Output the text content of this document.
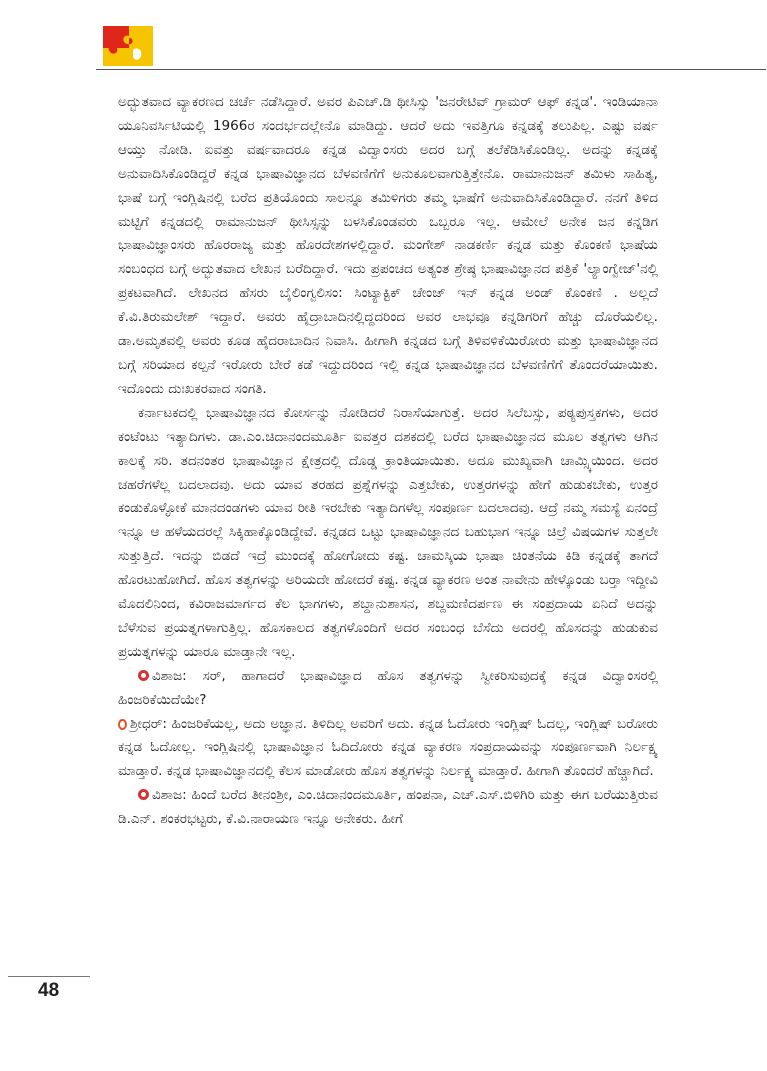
ಅದ್ಭುತವಾದ ವ್ಯಾಕರಣದ ಚರ್ಚೆ ನಡೆಸಿದ್ದಾರೆ. ಅವರ ಪಿಎಚ್.ಡಿ ಥೀಸಿಸ್ಸು 'ಜನರೇಟಿವ್ ಗ್ರಾಮರ್ ಆಫ್ ಕನ್ನಡ'. ಇಂಡಿಯಾನಾ ಯೂನಿವರ್ಸಿಟಿಯಲ್ಲಿ 1966ರ ಸಂದರ್ಭದಲ್ಲೇನೊ ಮಾಡಿದ್ದು. ಆದರೆ ಅದು ಇವತ್ತಿಗೂ ಕನ್ನಡಕ್ಕೆ ತಲುಪಿಲ್ಲ. ಎಷ್ಟು ವರ್ಷ ಆಯ್ತು ನೋಡಿ. ಐವತ್ತು ವರ್ಷವಾದರೂ ಕನ್ನಡ ವಿದ್ವಾಂಸರು ಅದರ ಬಗ್ಗೆ ತಲೆಕೆಡಿಸಿಕೊಂಡಿಲ್ಲ. ಅದನ್ನು ಕನ್ನಡಕ್ಕೆ ಅನುವಾದಿಸಿಕೊಂಡಿದ್ದರೆ ಕನ್ನಡ ಭಾಷಾವಿಜ್ಞಾನದ ಬೆಳವಣಿಗೆಗೆ ಅನುಕೂಲವಾಗುತ್ತಿತ್ತೇನೊ. ರಾಮಾನುಜನ್ ತಮಿಳು ಸಾಹಿತ್ಯ, ಭಾಷೆ ಬಗ್ಗೆ ಇಂಗ್ಲಿಷಿನಲ್ಲಿ ಬರೆದ ಪ್ರತಿಯೊಂದು ಸಾಲನ್ನೂ ತಮಿಳಿಗರು ತಮ್ಮ ಭಾಷೆಗೆ ಅನುವಾದಿಸಿಕೊಂಡಿದ್ದಾರೆ. ನನಗೆ ತಿಳಿದ ಮಟ್ಟಿಗೆ ಕನ್ನಡದಲ್ಲಿ ರಾಮಾನುಜನ್ ಥೀಸಿಸ್ಸನ್ನು ಬಳಸಿಕೊಂಡವರು ಒಬ್ಬರೂ ಇಲ್ಲ. ಆಮೇಲೆ ಅನೇಕ ಜನ ಕನ್ನಡಿಗ ಭಾಷಾವಿಜ್ಞಾಂಸರು ಹೊರರಾಜ್ಯ ಮತ್ತು ಹೊರದೇಶಗಳಲ್ಲಿದ್ದಾರೆ. ಮಂಗೇಶ್ ನಾಡಕರ್ಣಿ ಕನ್ನಡ ಮತ್ತು ಕೊಂಕಣಿ ಭಾಷೆಯ ಸಂಬಂಧದ ಬಗ್ಗೆ ಅದ್ಭುತವಾದ ಲೇಖನ ಬರೆದಿದ್ದಾರೆ. ಇದು ಪ್ರಪಂಚದ ಅತ್ಯಂತ ಶ್ರೇಷ್ಠ ಭಾಷಾವಿಜ್ಞಾನದ ಪತ್ರಿಕೆ 'ಲ್ಯಾಂಗ್ವೇಜ್'ನಲ್ಲಿ ಪ್ರಕಟವಾಗಿದೆ. ಲೇಖನದ ಹೆಸರು ಬೈಲಿಂಗ್ವಲಿಸಂ: ಸಿಂಟ್ಯಾಕ್ಟಿಕ್ ಚೇಂಜ್ ಇನ್ ಕನ್ನಡ ಅಂಡ್ ಕೊಂಕಣಿ . ಅಲ್ಲದೆ ಕೆ.ವಿ.ತಿರುಮಲೇಶ್ ಇದ್ದಾರೆ. ಅವರು ಹೈದ್ರಾಬಾದಿನಲ್ಲಿದ್ದದರಿಂದ ಅವರ ಲಾಭವೂ ಕನ್ನಡಿಗರಿಗೆ ಹೆಚ್ಚು ದೊರೆಯಲಿಲ್ಲ. ಡಾ.ಅಮೃತವಲ್ಲಿ ಅವರು ಕೂಡ ಹೈದರಾಬಾದಿನ ನಿವಾಸಿ. ಹೀಗಾಗಿ ಕನ್ನಡದ ಬಗ್ಗೆ ತಿಳಿವಳಿಕೆಯಿರೋರು ಮತ್ತು ಭಾಷಾವಿಜ್ಞಾನದ ಬಗ್ಗೆ ಸರಿಯಾದ ಕಲ್ಪನೆ ಇರೋರು ಬೇರೆ ಕಡೆ ಇದ್ದುದರಿಂದ ಇಲ್ಲಿ ಕನ್ನಡ ಭಾಷಾವಿಜ್ಞಾನದ ಬೆಳವಣಿಗೆಗೆ ತೊಂದರೆಯಾಯಿತು. ಇದೊಂದು ದುಃಖಕರವಾದ ಸಂಗತಿ.

ಕರ್ನಾಟಕದಲ್ಲಿ ಭಾಷಾವಿಜ್ಞಾನದ ಕೋರ್ಸನ್ನು ನೋಡಿದರೆ ನಿರಾಸೆಯಾಗುತ್ತೆ. ಅದರ ಸಿಲೆಬಸ್ಸು, ಪಠ್ಯಪುಸ್ತಕಗಳು, ಅದರ ಕಂಟೆಂಟು ಇತ್ಯಾದಿಗಳು. ಡಾ.ಎಂ.ಚಿದಾನಂದಮೂರ್ತಿ ಐವತ್ತರ ದಶಕದಲ್ಲಿ ಬರೆದ ಭಾಷಾವಿಜ್ಞಾನದ ಮೂಲ ತತ್ವಗಳು ಆಗಿನ ಕಾಲಕ್ಕೆ ಸರಿ. ತದನಂತರ ಭಾಷಾವಿಜ್ಞಾನ ಕ್ಷೇತ್ರದಲ್ಲಿ ದೊಡ್ಡ ಕ್ರಾಂತಿಯಾಯಿತು. ಅದೂ ಮುಖ್ಯವಾಗಿ ಚಾಮ್ಸ್ಕಿಯಿಂದ. ಅದರ ಚಹರೆಗಳೆಲ್ಲ ಬದಲಾದವು. ಅದು ಯಾವ ತರಹದ ಪ್ರಶ್ನೆಗಳನ್ನು ಎತ್ತಬೇಕು, ಉತ್ತರಗಳನ್ನು ಹೇಗೆ ಹುಡುಕಬೇಕು, ಉತ್ತರ ಕಂಡುಕೊಳ್ಳೋಕೆ ಮಾನದಂಡಗಳು ಯಾವ ರೀತಿ ಇರಬೇಕು ಇತ್ಯಾದಿಗಳೆಲ್ಲ ಸಂಪೂರ್ಣ ಬದಲಾದವು. ಆದ್ರೆ ನಮ್ಮ ಸಮಸ್ಯೆ ಏನಂದ್ರೆ ಇನ್ನೂ ಆ ಹಳೆಯದರಲ್ಲೆ ಸಿಕ್ಕಿಹಾಕ್ಕೊಂಡಿದ್ದೇವೆ. ಕನ್ನಡದ ಒಟ್ಟು ಭಾಷಾವಿಜ್ಞಾನದ ಬಹುಭಾಗ ಇನ್ನೂ ಚಿಲ್ರೆ ವಿಷಯಗಳ ಸುತ್ತಲೇ ಸುತ್ತುತ್ತಿದೆ. ಇದನ್ನು ಬಿಡದೆ ಇದ್ರೆ ಮುಂದಕ್ಕೆ ಹೋಗೋದು ಕಷ್ಟ. ಚಾಮಸ್ಕಿಯ ಭಾಷಾ ಚಿಂತನೆಯ ಕಿಡಿ ಕನ್ನಡಕ್ಕೆ ತಾಗದೆ ಹೊರಟುಹೋಗಿದೆ. ಹೊಸ ತತ್ವಗಳನ್ನು ಅರಿಯದೇ ಹೋದರೆ ಕಷ್ಟ. ಕನ್ನಡ ವ್ಯಾಕರಣ ಅಂತ ನಾವೇನು ಹೇಳ್ಕೊಂಡು ಬರ್‍ತಾ ಇದ್ದೀವಿ ಮೊದಲಿನಿಂದ, ಕವಿರಾಜಮಾರ್ಗದ ಕೆಲ ಭಾಗಗಳು, ಶಬ್ದಾನುಶಾಸನ, ಶಬ್ದಮಣಿದರ್ಪಣ ಈ ಸಂಪ್ರದಾಯ ಏನಿದೆ ಅದನ್ನು ಬೆಳೆಸುವ ಪ್ರಯತ್ನಗಳಾಗುತ್ತಿಲ್ಲ. ಹೊಸಕಾಲದ ತತ್ವಗಳೊಂದಿಗೆ ಅದರ ಸಂಬಂಧ ಬೆಸೆದು ಅದರಲ್ಲಿ ಹೊಸದನ್ನು ಹುಡುಕುವ ಪ್ರಯತ್ನಗಳನ್ನು ಯಾರೂ ಮಾಡ್ತಾನೇ ಇಲ್ಲ.

ವಿಶಾಜ: ಸರ್, ಹಾಗಾದರೆ ಭಾಷಾವಿಜ್ಞಾದ ಹೊಸ ತತ್ವಗಳನ್ನು ಸ್ವೀಕರಿಸುವುದಕ್ಕೆ ಕನ್ನಡ ವಿದ್ವಾಂಸರಲ್ಲಿ ಹಿಂಜರಿಕೆಯಿದೆಯೇ?

ಶ್ರೀಧರ್: ಹಿಂಜರಿಕೆಯಲ್ಲ, ಅದು ಅಜ್ಞಾನ. ತಿಳಿದಿಲ್ಲ ಅವರಿಗೆ ಅದು. ಕನ್ನಡ ಓದೋರು ಇಂಗ್ಲಿಷ್ ಓದಲ್ಲ, ಇಂಗ್ಲಿಷ್ ಬರೋರು ಕನ್ನಡ ಓದೋಲ್ಲ. ಇಂಗ್ಲಿಷಿನಲ್ಲಿ ಭಾಷಾವಿಜ್ಞಾನ ಓದಿದೋರು ಕನ್ನಡ ವ್ಯಾಕರಣ ಸಂಪ್ರದಾಯವನ್ನು ಸಂಪೂರ್ಣವಾಗಿ ನಿರ್ಲಕ್ಷ್ಯ ಮಾಡ್ತಾರೆ. ಕನ್ನಡ ಭಾಷಾವಿಜ್ಞಾನದಲ್ಲಿ ಕೆಲಸ ಮಾಡೋರು ಹೊಸ ತತ್ವಗಳನ್ನು ನಿರ್ಲಕ್ಷ್ಯ ಮಾಡ್ತಾರೆ. ಹೀಗಾಗಿ ತೊಂದರೆ ಹೆಚ್ಚಾಗಿದೆ.

ವಿಶಾಜ: ಹಿಂದೆ ಬರೆದ ತೀನಂಶ್ರೀ, ಎಂ.ಚಿದಾನಂದಮೂರ್ತಿ, ಹಂಪನಾ, ಎಚ್.ಎಸ್.ಬಿಳಿಗಿರಿ ಮತ್ತು ಈಗ ಬರೆಯುತ್ತಿರುವ ಡಿ.ಎನ್. ಶಂಕರಭಟ್ಟರು, ಕೆ.ವಿ.ನಾರಾಯಣ ಇನ್ನೂ ಅನೇಕರು. ಹೀಗೆ

48
